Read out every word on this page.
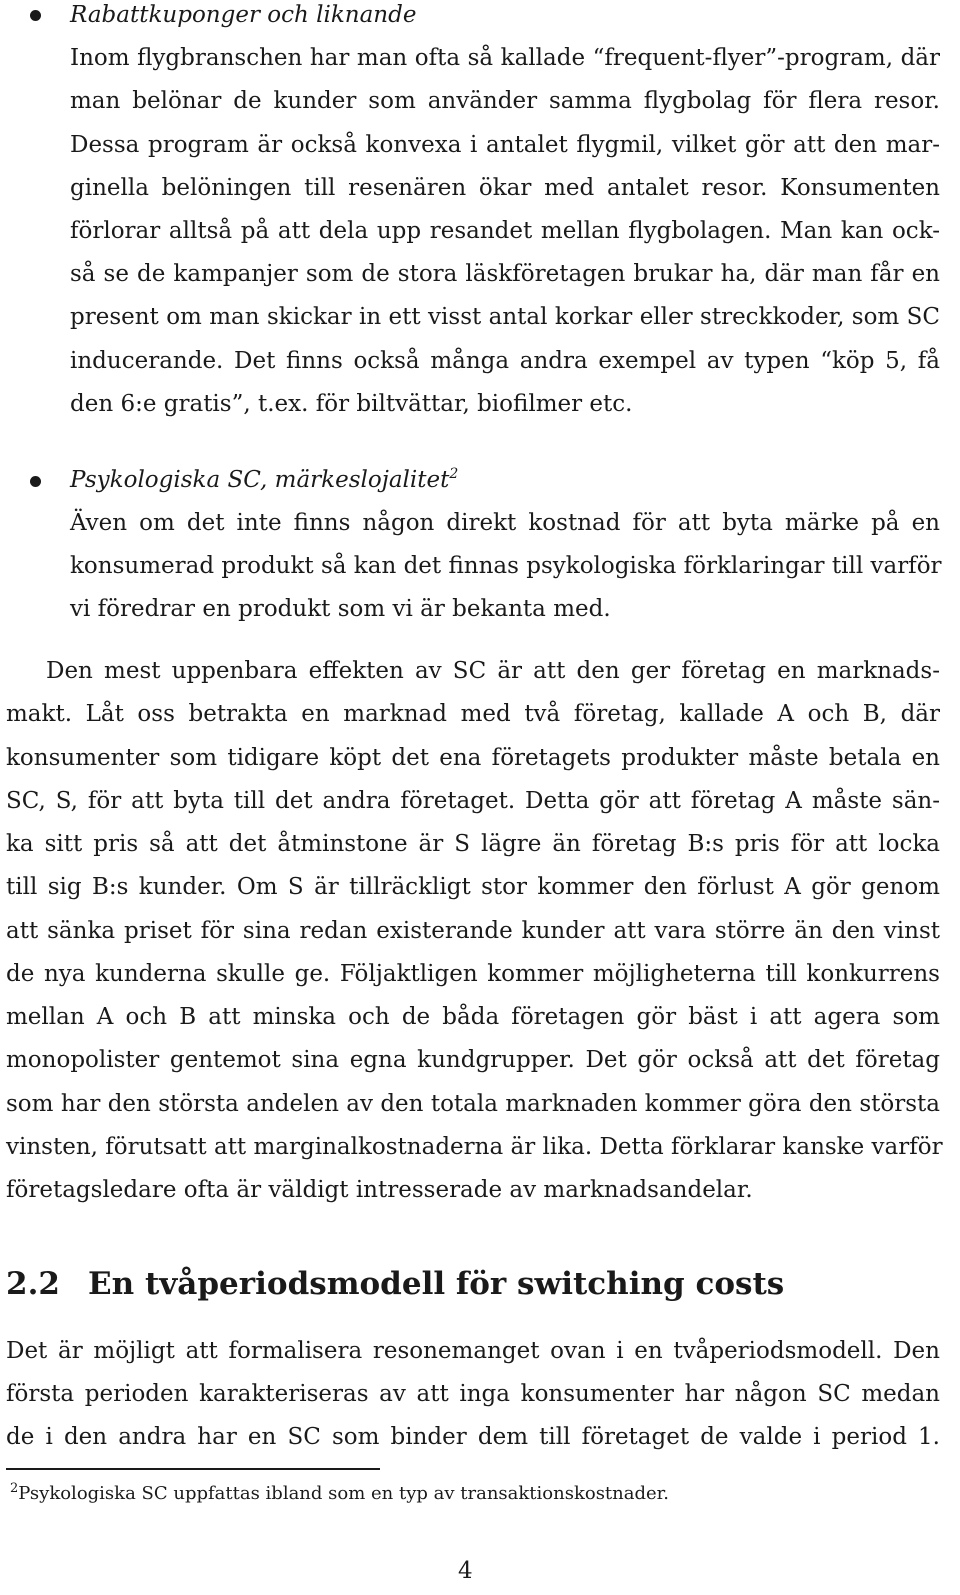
Rabattkuponger och liknande
Inom flygbranschen har man ofta så kallade “frequent-flyer”-program, där
man belönar de kunder som använder samma flygbolag för flera resor.
Dessa program är också konvexa i antalet flygmil, vilket gör att den mar-
ginella belöningen till resenären ökar med antalet resor. Konsumenten
förlorar alltså på att dela upp resandet mellan flygbolagen. Man kan ock-
så se de kampanjer som de stora läskföretagen brukar ha, där man får en
present om man skickar in ett visst antal korkar eller streckkoder, som SC
inducerande. Det finns också många andra exempel av typen “köp 5, få
den 6:e gratis”, t.ex. för biltvättar, biofilmer etc.
Psykologiska SC, märkeslojalitet$^2$
Även om det inte finns någon direkt kostnad för att byta märke på en
konsumerad produkt så kan det finnas psykologiska förklaringar till varför
vi föredrar en produkt som vi är bekanta med.
Den mest uppenbara effekten av SC är att den ger företag en marknads-
makt. Låt oss betrakta en marknad med två företag, kallade A och B, där
konsumenter som tidigare köpt det ena företagets produkter måste betala en
SC, S, för att byta till det andra företaget. Detta gör att företag A måste sän-
ka sitt pris så att det åtminstone är S lägre än företag B:s pris för att locka
till sig B:s kunder. Om S är tillräckligt stor kommer den förlust A gör genom
att sänka priset för sina redan existerande kunder att vara större än den vinst
de nya kunderna skulle ge. Följaktligen kommer möjligheterna till konkurrens
mellan A och B att minska och de båda företagen gör bäst i att agera som
monopolister gentemot sina egna kundgrupper. Det gör också att det företag
som har den största andelen av den totala marknaden kommer göra den största
vinsten, förutsatt att marginalkostnaderna är lika. Detta förklarar kanske varför
företagsledare ofta är väldigt intresserade av marknadsandelar.
2.2 En tvåperiodsmodell för switching costs
Det är möjligt att formalisera resonemanget ovan i en tvåperiodsmodell. Den
första perioden karakteriseras av att inga konsumenter har någon SC medan
de i den andra har en SC som binder dem till företaget de valde i period 1.
$^2$Psykologiska SC uppfattas ibland som en typ av transaktionskostnader.
4
